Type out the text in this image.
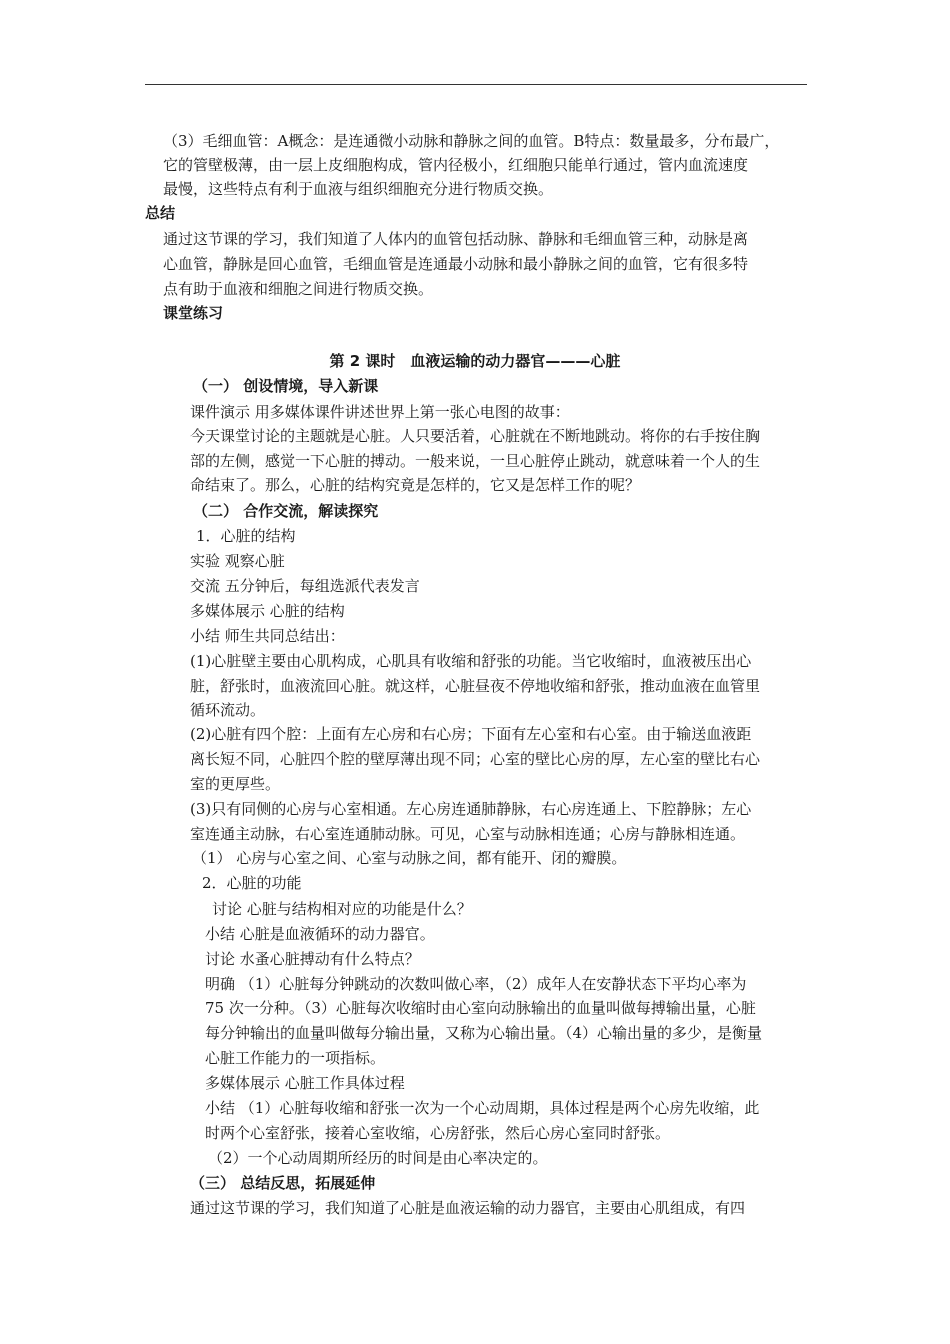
（3）毛细血管：A概念：是连通微小动脉和静脉之间的血管。B特点：数量最多，分布最广，
它的管壁极薄，由一层上皮细胞构成，管内径极小，红细胞只能单行通过，管内血流速度
最慢，这些特点有利于血液与组织细胞充分进行物质交换。
总结
通过这节课的学习，我们知道了人体内的血管包括动脉、静脉和毛细血管三种，动脉是离
心血管，静脉是回心血管，毛细血管是连通最小动脉和最小静脉之间的血管，它有很多特
点有助于血液和细胞之间进行物质交换。
课堂练习
第 2 课时　血液运输的动力器官———心脏
（一） 创设情境，导入新课
课件演示 用多媒体课件讲述世界上第一张心电图的故事：
今天课堂讨论的主题就是心脏。人只要活着，心脏就在不断地跳动。将你的右手按住胸
部的左侧，感觉一下心脏的搏动。一般来说，一旦心脏停止跳动，就意味着一个人的生
命结束了。那么，心脏的结构究竟是怎样的，它又是怎样工作的呢？
（二） 合作交流，解读探究
1．心脏的结构
实验 观察心脏
交流 五分钟后，每组选派代表发言
多媒体展示 心脏的结构
小结 师生共同总结出：
(1)心脏壁主要由心肌构成，心肌具有收缩和舒张的功能。当它收缩时，血液被压出心
脏，舒张时，血液流回心脏。就这样，心脏昼夜不停地收缩和舒张，推动血液在血管里
循环流动。
(2)心脏有四个腔：上面有左心房和右心房；下面有左心室和右心室。由于输送血液距
离长短不同，心脏四个腔的壁厚薄出现不同；心室的壁比心房的厚，左心室的壁比右心
室的更厚些。
(3)只有同侧的心房与心室相通。左心房连通肺静脉，右心房连通上、下腔静脉；左心
室连通主动脉，右心室连通肺动脉。可见，心室与动脉相连通；心房与静脉相连通。
（1） 心房与心室之间、心室与动脉之间，都有能开、闭的瓣膜。
2．心脏的功能
讨论 心脏与结构相对应的功能是什么？
小结 心脏是血液循环的动力器官。
讨论 水蚤心脏搏动有什么特点？
明确 （1）心脏每分钟跳动的次数叫做心率，（2）成年人在安静状态下平均心率为
75 次一分种。（3）心脏每次收缩时由心室向动脉输出的血量叫做每搏输出量，心脏
每分钟输出的血量叫做每分输出量，又称为心输出量。（4）心输出量的多少，是衡量
心脏工作能力的一项指标。
多媒体展示 心脏工作具体过程
小结 （1）心脏每收缩和舒张一次为一个心动周期，具体过程是两个心房先收缩，此
时两个心室舒张，接着心室收缩，心房舒张，然后心房心室同时舒张。
（2）一个心动周期所经历的时间是由心率决定的。
（三） 总结反思，拓展延伸
通过这节课的学习，我们知道了心脏是血液运输的动力器官，主要由心肌组成，有四
